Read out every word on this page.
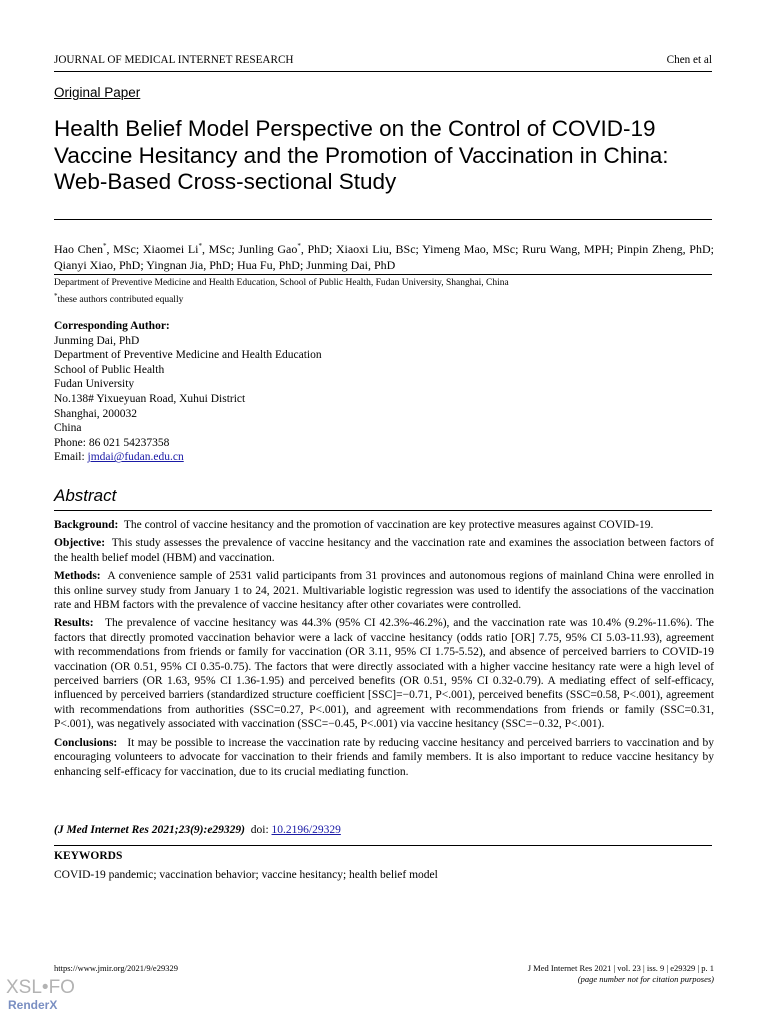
JOURNAL OF MEDICAL INTERNET RESEARCH	Chen et al
Original Paper
Health Belief Model Perspective on the Control of COVID-19 Vaccine Hesitancy and the Promotion of Vaccination in China: Web-Based Cross-sectional Study
Hao Chen*, MSc; Xiaomei Li*, MSc; Junling Gao*, PhD; Xiaoxi Liu, BSc; Yimeng Mao, MSc; Ruru Wang, MPH; Pinpin Zheng, PhD; Qianyi Xiao, PhD; Yingnan Jia, PhD; Hua Fu, PhD; Junming Dai, PhD
Department of Preventive Medicine and Health Education, School of Public Health, Fudan University, Shanghai, China
*these authors contributed equally
Corresponding Author:
Junming Dai, PhD
Department of Preventive Medicine and Health Education
School of Public Health
Fudan University
No.138# Yixueyuan Road, Xuhui District
Shanghai, 200032
China
Phone: 86 021 54237358
Email: jmdai@fudan.edu.cn
Abstract

Background: The control of vaccine hesitancy and the promotion of vaccination are key protective measures against COVID-19.

Objective: This study assesses the prevalence of vaccine hesitancy and the vaccination rate and examines the association between factors of the health belief model (HBM) and vaccination.

Methods: A convenience sample of 2531 valid participants from 31 provinces and autonomous regions of mainland China were enrolled in this online survey study from January 1 to 24, 2021. Multivariable logistic regression was used to identify the associations of the vaccination rate and HBM factors with the prevalence of vaccine hesitancy after other covariates were controlled.

Results: The prevalence of vaccine hesitancy was 44.3% (95% CI 42.3%-46.2%), and the vaccination rate was 10.4% (9.2%-11.6%). The factors that directly promoted vaccination behavior were a lack of vaccine hesitancy (odds ratio [OR] 7.75, 95% CI 5.03-11.93), agreement with recommendations from friends or family for vaccination (OR 3.11, 95% CI 1.75-5.52), and absence of perceived barriers to COVID-19 vaccination (OR 0.51, 95% CI 0.35-0.75). The factors that were directly associated with a higher vaccine hesitancy rate were a high level of perceived barriers (OR 1.63, 95% CI 1.36-1.95) and perceived benefits (OR 0.51, 95% CI 0.32-0.79). A mediating effect of self-efficacy, influenced by perceived barriers (standardized structure coefficient [SSC]=−0.71, P<.001), perceived benefits (SSC=0.58, P<.001), agreement with recommendations from authorities (SSC=0.27, P<.001), and agreement with recommendations from friends or family (SSC=0.31, P<.001), was negatively associated with vaccination (SSC=−0.45, P<.001) via vaccine hesitancy (SSC=−0.32, P<.001).

Conclusions: It may be possible to increase the vaccination rate by reducing vaccine hesitancy and perceived barriers to vaccination and by encouraging volunteers to advocate for vaccination to their friends and family members. It is also important to reduce vaccine hesitancy by enhancing self-efficacy for vaccination, due to its crucial mediating function.

(J Med Internet Res 2021;23(9):e29329) doi: 10.2196/29329
KEYWORDS
COVID-19 pandemic; vaccination behavior; vaccine hesitancy; health belief model
https://www.jmir.org/2021/9/e29329	J Med Internet Res 2021 | vol. 23 | iss. 9 | e29329 | p. 1
(page number not for citation purposes)
XSL•FO
RenderX
